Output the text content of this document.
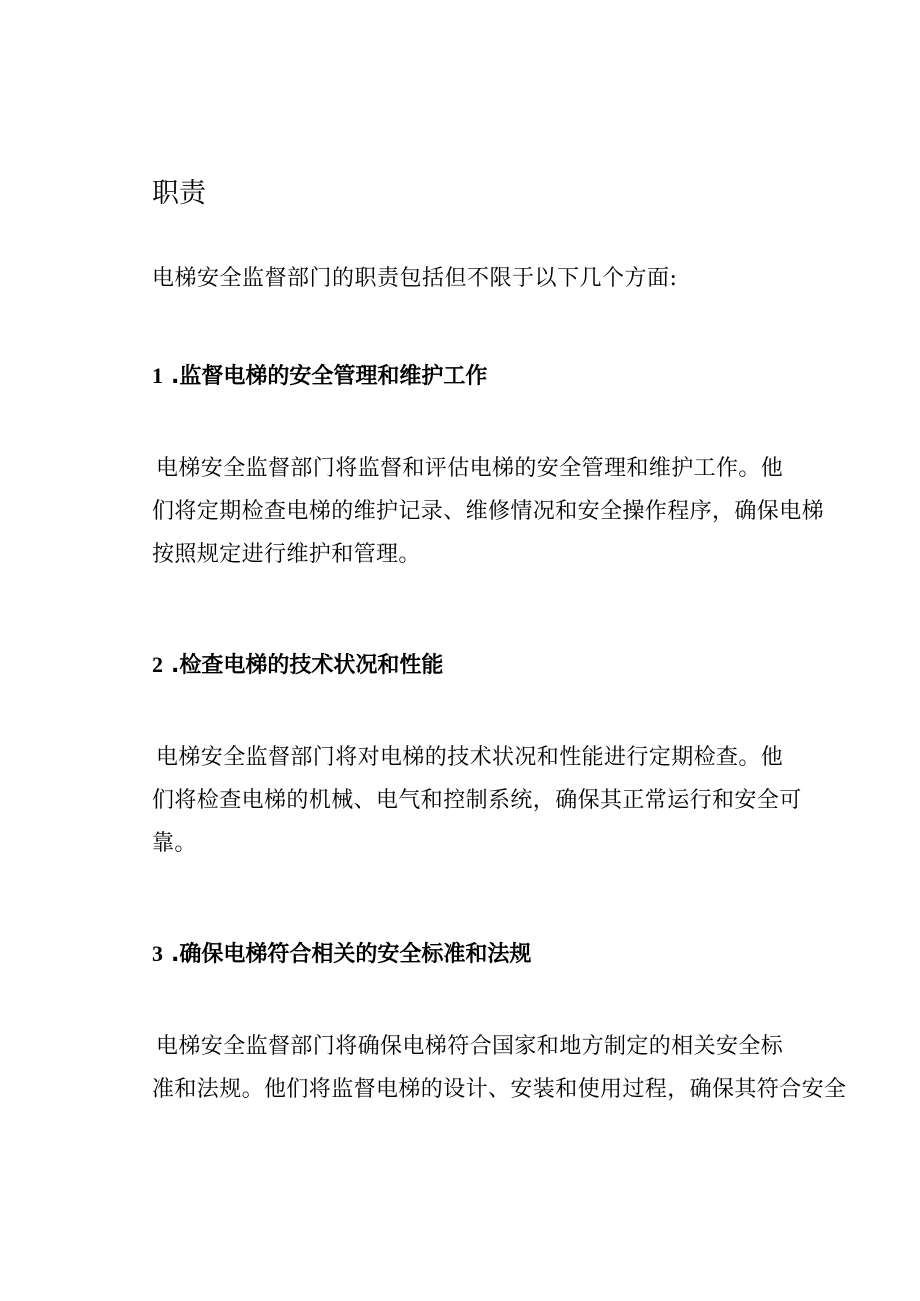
职责

电梯安全监督部门的职责包括但不限于以下几个方面:

1 .监督电梯的安全管理和维护工作
电梯安全监督部门将监督和评估电梯的安全管理和维护工作。他
们将定期检查电梯的维护记录、维修情况和安全操作程序，确保电梯
按照规定进行维护和管理。
2 .检查电梯的技术状况和性能
电梯安全监督部门将对电梯的技术状况和性能进行定期检查。他
们将检查电梯的机械、电气和控制系统，确保其正常运行和安全可
靠。
3 .确保电梯符合相关的安全标准和法规
电梯安全监督部门将确保电梯符合国家和地方制定的相关安全标
准和法规。他们将监督电梯的设计、安装和使用过程，确保其符合安全
